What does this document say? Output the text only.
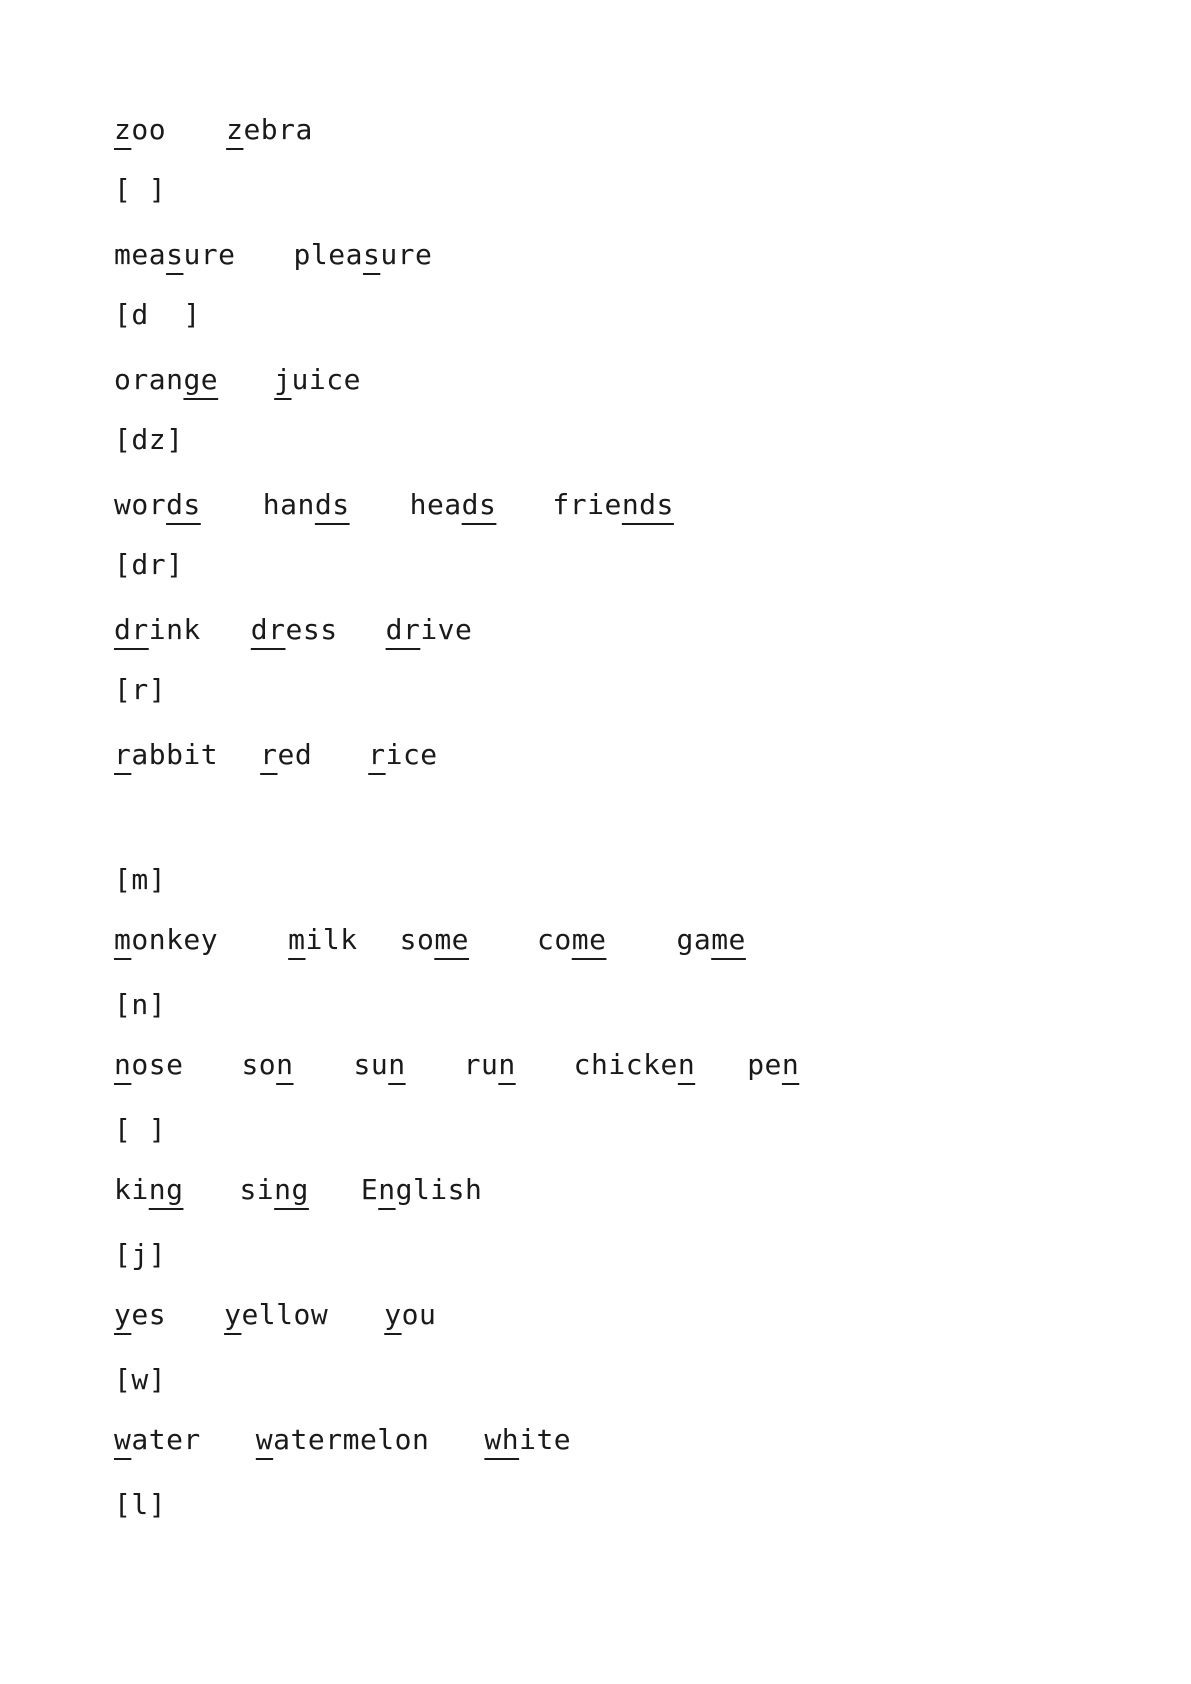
zoo zebra
[ ]
measure pleasure
[d  ]
orange juice
[dz]
words hands heads friends
[dr]
drink dress drive
[r]
rabbit red rice
[m]
monkey	milk some come	game
[n]
nose son sun run chicken pen
[ ]
king sing English
[j]
yes yellow you
[w]
water watermelon white
[l]
